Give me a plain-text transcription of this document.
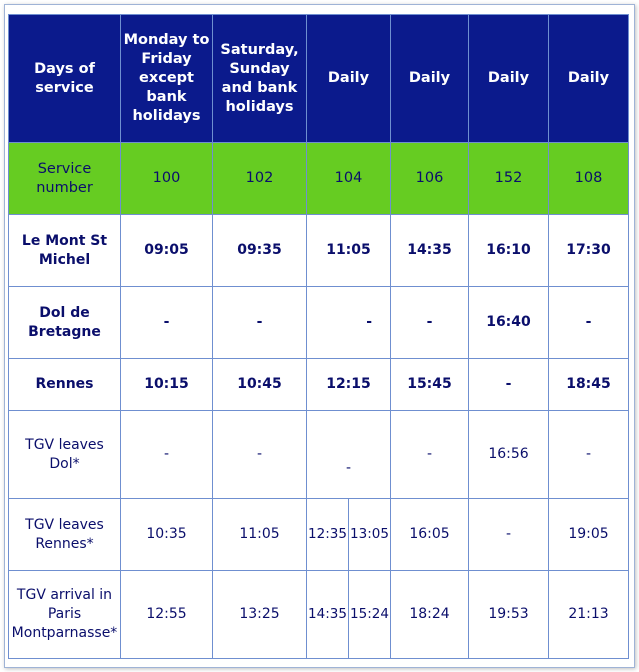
Days of service	Monday to Friday except bank holidays	Saturday, Sunday and bank holidays	Daily		Daily	Daily	Daily
Service number	100	102	104		106	152	108
Le Mont St Michel	09:05	09:35	11:05		14:35	16:10	17:30
Dol de Bretagne	-	-	-		-	16:40	-
Rennes	10:15	10:45	12:15		15:45	-	18:45
TGV leaves Dol*	-	-	-		-	16:56	-
TGV leaves Rennes*	10:35	11:05	12:35	13:05	16:05	-	19:05
TGV arrival in Paris Montparnasse*	12:55	13:25	14:35	15:24	18:24	19:53	21:13
